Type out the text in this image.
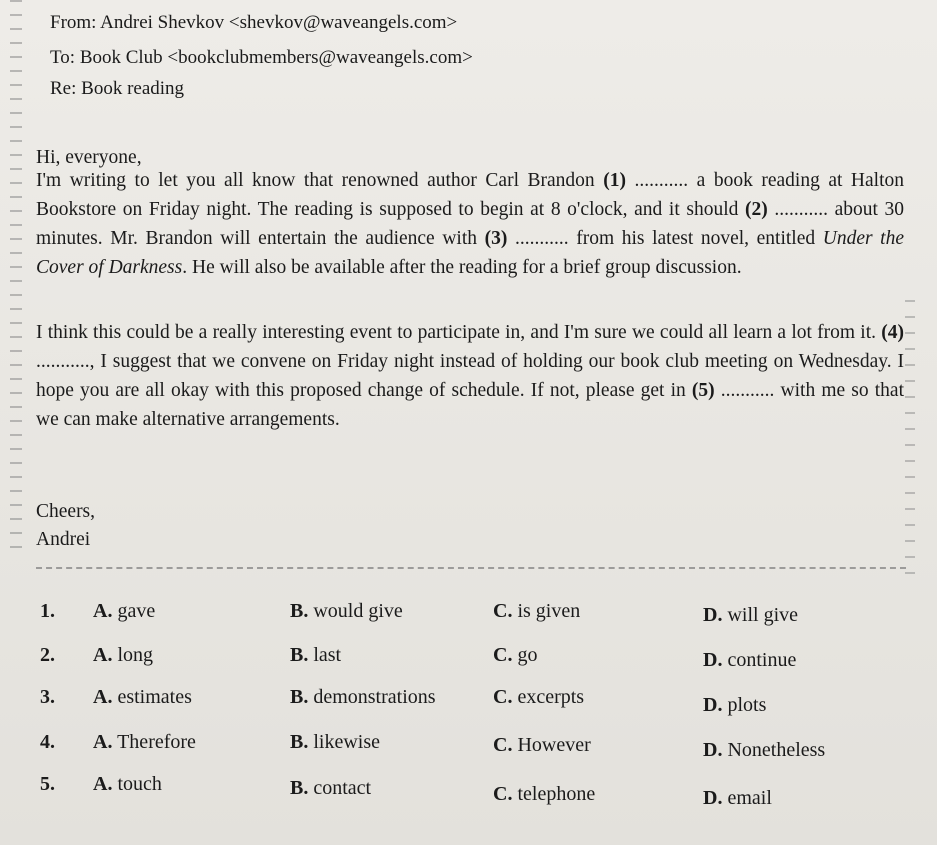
From: Andrei Shevkov <shevkov@waveangels.com>
To: Book Club <bookclubmembers@waveangels.com>
Re: Book reading
Hi, everyone,
I'm writing to let you all know that renowned author Carl Brandon (1) ........... a book reading at Halton Bookstore on Friday night. The reading is supposed to begin at 8 o'clock, and it should (2) ........... about 30 minutes. Mr. Brandon will entertain the audience with (3) ........... from his latest novel, entitled Under the Cover of Darkness. He will also be available after the reading for a brief group discussion.
I think this could be a really interesting event to participate in, and I'm sure we could all learn a lot from it. (4) ..........., I suggest that we convene on Friday night instead of holding our book club meeting on Wednesday. I hope you are all okay with this proposed change of schedule. If not, please get in (5) ........... with me so that we can make alternative arrangements.
Cheers,
Andrei
1. A. gave	B. would give	C. is given	D. will give
2. A. long	B. last	C. go	D. continue
3. A. estimates	B. demonstrations	C. excerpts	D. plots
4. A. Therefore	B. likewise	C. However	D. Nonetheless
5. A. touch	B. contact	C. telephone	D. email
